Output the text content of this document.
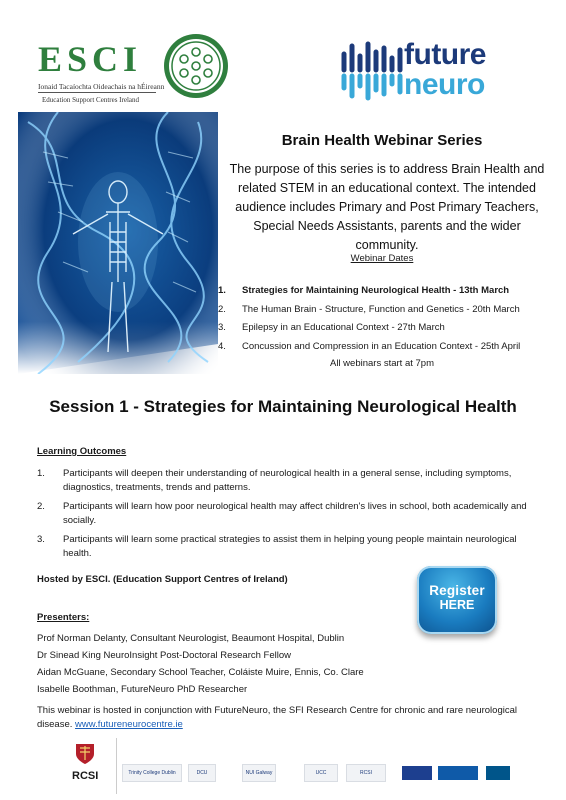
ESCI
Ionaid Tacaíochta Oideachais na hÉireann
Education Support Centres Ireland
future
neuro
Brain Health Webinar Series
The purpose of this series is to address Brain Health and related STEM in an educational context. The intended audience includes Primary and Post Primary Teachers, Special Needs Assistants, parents and the wider community.
Webinar Dates
1. Strategies for Maintaining Neurological Health - 13th March
2. The Human Brain - Structure, Function and Genetics - 20th March
3. Epilepsy in an Educational Context - 27th March
4. Concussion and Compression in an Education Context - 25th April
All webinars start at 7pm
Session 1 - Strategies for Maintaining Neurological Health
Learning Outcomes
1. Participants will deepen their understanding of neurological health in a general sense, including symptoms, diagnostics, treatments, trends and patterns.
2. Participants will learn how poor neurological health may affect children's lives in school, both academically and socially.
3. Participants will learn some practical strategies to assist them in helping young people maintain neurological health.
Hosted by ESCI. (Education Support Centres of Ireland)
Register
HERE
Presenters:
Prof Norman Delanty, Consultant Neurologist, Beaumont Hospital, Dublin
Dr Sinead King NeuroInsight Post-Doctoral Research Fellow
Aidan McGuane, Secondary School Teacher, Coláiste Muire, Ennis, Co. Clare
Isabelle Boothman, FutureNeuro PhD Researcher
This webinar is hosted in conjunction with FutureNeuro, the SFI Research Centre for chronic and rare neurological disease. www.futureneurocentre.ie
RCSI	Trinity College Dublin	DCU	NUI Galway	UCC	RCSI
